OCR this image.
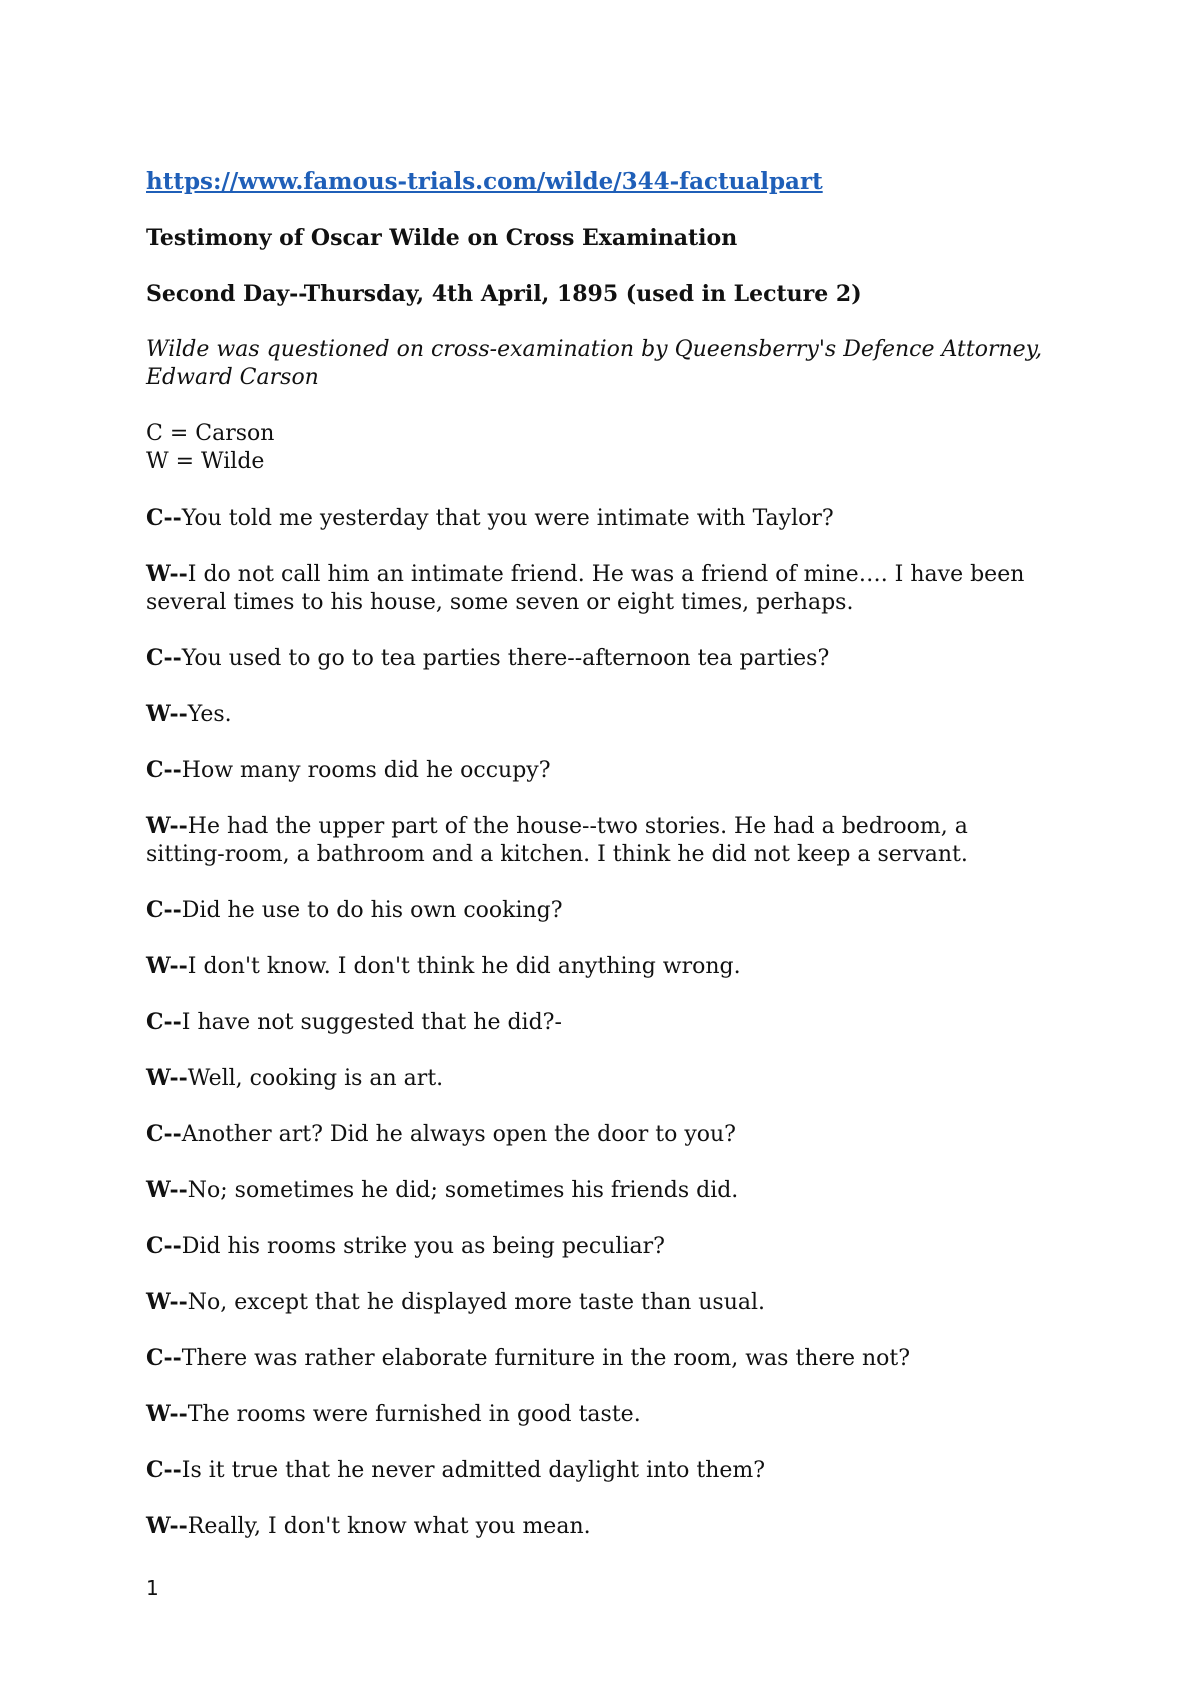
https://www.famous-trials.com/wilde/344-factualpart
Testimony of Oscar Wilde on Cross Examination
Second Day--Thursday, 4th April, 1895 (used in Lecture 2)
Wilde was questioned on cross-examination by Queensberry's Defence Attorney, Edward Carson
C = Carson
W = Wilde

C--You told me yesterday that you were intimate with Taylor?

W--I do not call him an intimate friend. He was a friend of mine…. I have been several times to his house, some seven or eight times, perhaps.

C--You used to go to tea parties there--afternoon tea parties?

W--Yes.

C--How many rooms did he occupy?

W--He had the upper part of the house--two stories. He had a bedroom, a sitting-room, a bathroom and a kitchen. I think he did not keep a servant.

C--Did he use to do his own cooking?

W--I don't know. I don't think he did anything wrong.

C--I have not suggested that he did?-

W--Well, cooking is an art.

C--Another art? Did he always open the door to you?

W--No; sometimes he did; sometimes his friends did.

C--Did his rooms strike you as being peculiar?

W--No, except that he displayed more taste than usual.

C--There was rather elaborate furniture in the room, was there not?

W--The rooms were furnished in good taste.

C--Is it true that he never admitted daylight into them?

W--Really, I don't know what you mean.

1
